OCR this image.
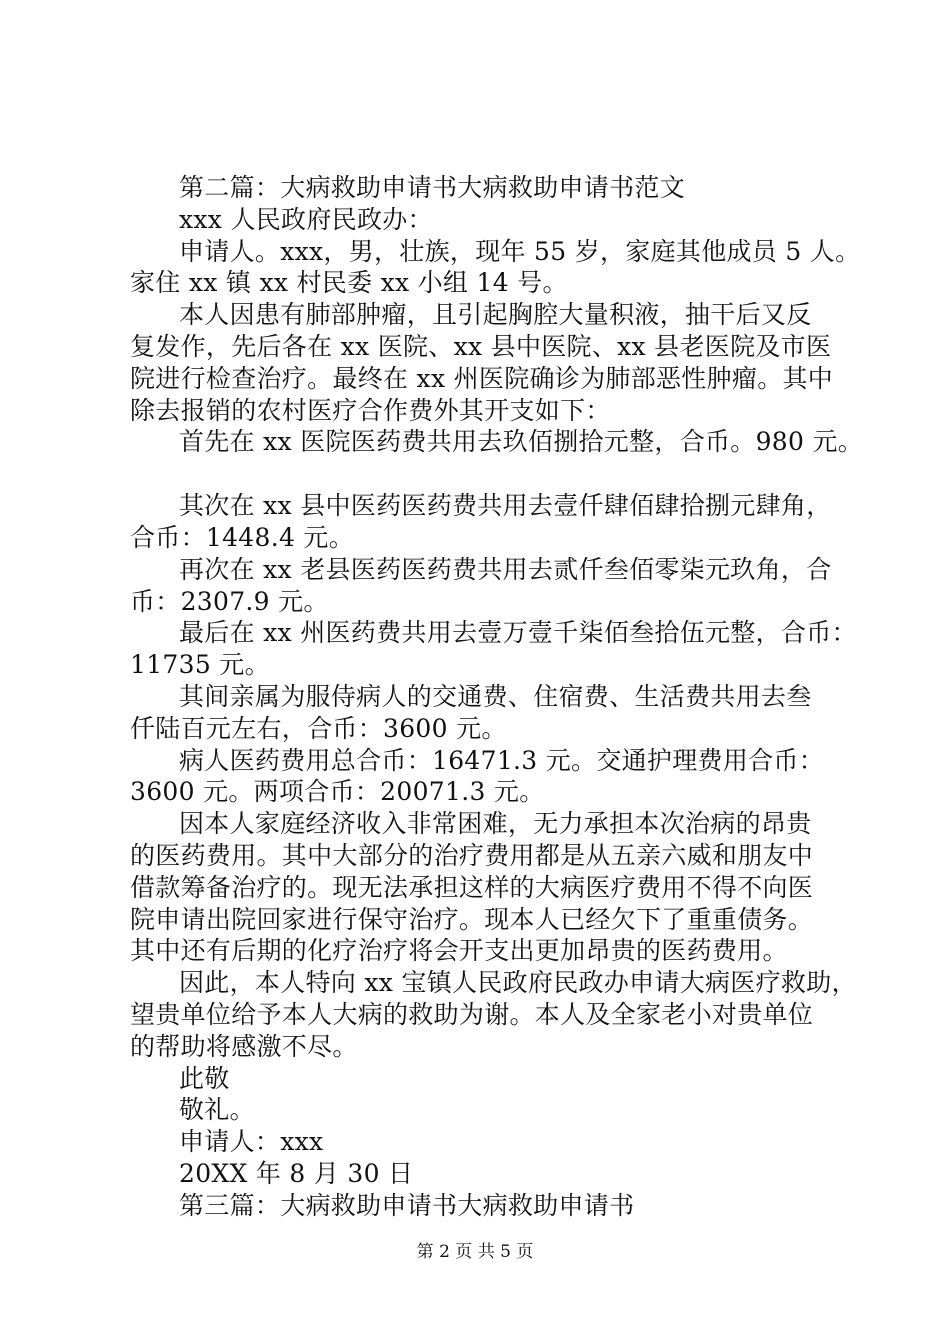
第二篇：大病救助申请书大病救助申请书范文
xxx 人民政府民政办：
申请人。xxx，男，壮族，现年 55 岁，家庭其他成员 5 人。
家住 xx 镇 xx 村民委 xx 小组 14 号。
本人因患有肺部肿瘤，且引起胸腔大量积液，抽干后又反
复发作，先后各在 xx 医院、xx 县中医院、xx 县老医院及市医
院进行检查治疗。最终在 xx 州医院确诊为肺部恶性肿瘤。其中
除去报销的农村医疗合作费外其开支如下：
首先在 xx 医院医药费共用去玖佰捌拾元整，合币。980 元。
其次在 xx 县中医药医药费共用去壹仟肆佰肆拾捌元肆角，
合币：1448.4 元。
再次在 xx 老县医药医药费共用去贰仟叁佰零柒元玖角，合
币：2307.9 元。
最后在 xx 州医药费共用去壹万壹千柒佰叁拾伍元整，合币：
11735 元。
其间亲属为服侍病人的交通费、住宿费、生活费共用去叁
仟陆百元左右，合币：3600 元。
病人医药费用总合币：16471.3 元。交通护理费用合币：
3600 元。两项合币：20071.3 元。
因本人家庭经济收入非常困难，无力承担本次治病的昂贵
的医药费用。其中大部分的治疗费用都是从五亲六威和朋友中
借款筹备治疗的。现无法承担这样的大病医疗费用不得不向医
院申请出院回家进行保守治疗。现本人已经欠下了重重债务。
其中还有后期的化疗治疗将会开支出更加昂贵的医药费用。
因此，本人特向 xx 宝镇人民政府民政办申请大病医疗救助，
望贵单位给予本人大病的救助为谢。本人及全家老小对贵单位
的帮助将感激不尽。
此敬
敬礼。
申请人：xxx
20XX 年 8 月 30 日
第三篇：大病救助申请书大病救助申请书
第 2 页 共 5 页
